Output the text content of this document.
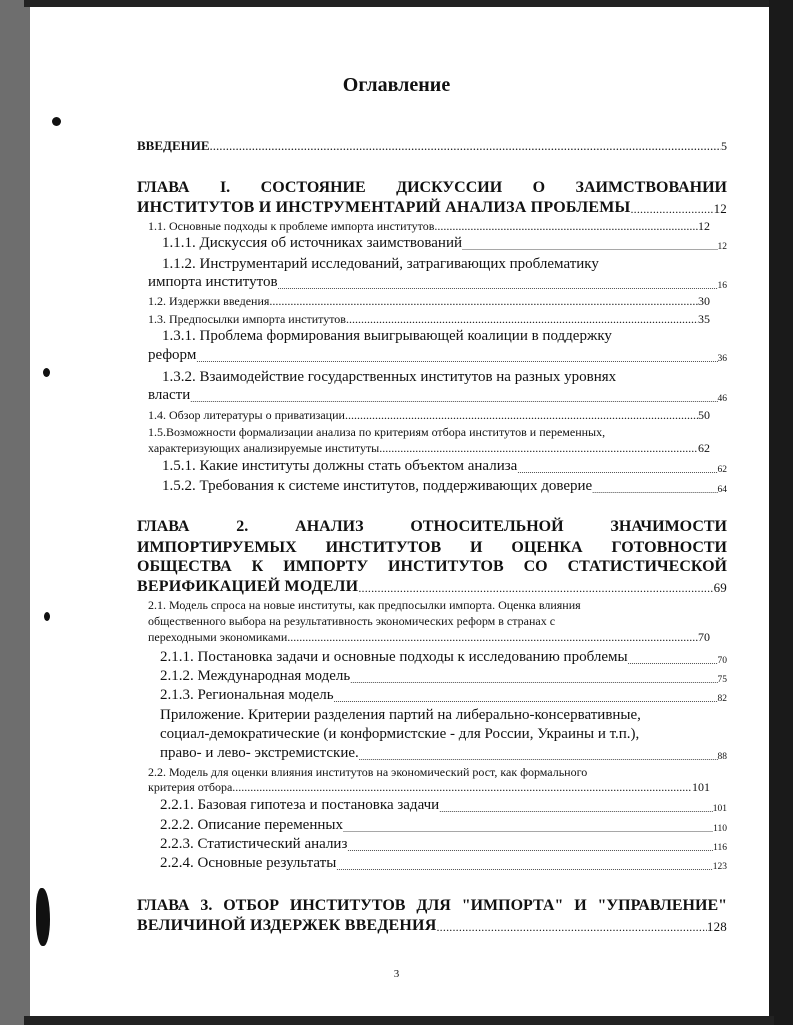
Оглавление
ВВЕДЕНИЕ .....	5
ГЛАВА I. СОСТОЯНИЕ ДИСКУССИИ О ЗАИМСТВОВАНИИ
ИНСТИТУТОВ И ИНСТРУМЕНТАРИЙ АНАЛИЗА ПРОБЛЕМЫ .....	12
1.1. Основные подходы к проблеме импорта институтов .....	12
1.1.1. Дискуссия об источниках заимствований .....	12
1.1.2. Инструментарий исследований, затрагивающих проблематику
импорта институтов .....	16
1.2. Издержки введения .....	30
1.3. Предпосылки импорта институтов .....	35
1.3.1. Проблема формирования выигрывающей коалиции в поддержку
реформ .....	36
1.3.2. Взаимодействие государственных институтов на разных уровнях
власти .....	46
1.4. Обзор литературы о приватизации .....	50
1.5.Возможности формализации анализа по критериям отбора институтов и переменных,
характеризующих анализируемые институты .....	62
1.5.1. Какие институты должны стать объектом анализа .....	62
1.5.2. Требования к системе институтов, поддерживающих доверие .....	64
ГЛАВА 2. АНАЛИЗ ОТНОСИТЕЛЬНОЙ ЗНАЧИМОСТИ
ИМПОРТИРУЕМЫХ ИНСТИТУТОВ И ОЦЕНКА ГОТОВНОСТИ
ОБЩЕСТВА К ИМПОРТУ ИНСТИТУТОВ СО СТАТИСТИЧЕСКОЙ
ВЕРИФИКАЦИЕЙ МОДЕЛИ .....	69
2.1. Модель спроса на новые институты, как предпосылки импорта. Оценка влияния
общественного выбора на результативность экономических реформ в странах с
переходными экономиками .....	70
2.1.1. Постановка задачи и основные подходы к исследованию проблемы .....	70
2.1.2. Международная модель .....	75
2.1.3. Региональная модель .....	82
Приложение. Критерии разделения партий на либерально-консервативные,
социал-демократические (и конформистские - для России, Украины и т.п.),
право- и лево- экстремистские. .....	88
2.2. Модель для оценки влияния институтов на экономический рост, как формального
критерия отбора .....	101
2.2.1. Базовая гипотеза и постановка задачи .....	101
2.2.2. Описание переменных .....	110
2.2.3. Статистический анализ .....	116
2.2.4. Основные результаты .....	123
ГЛАВА 3. ОТБОР ИНСТИТУТОВ ДЛЯ "ИМПОРТА" И "УПРАВЛЕНИЕ"
ВЕЛИЧИНОЙ ИЗДЕРЖЕК ВВЕДЕНИЯ .....	128
3
